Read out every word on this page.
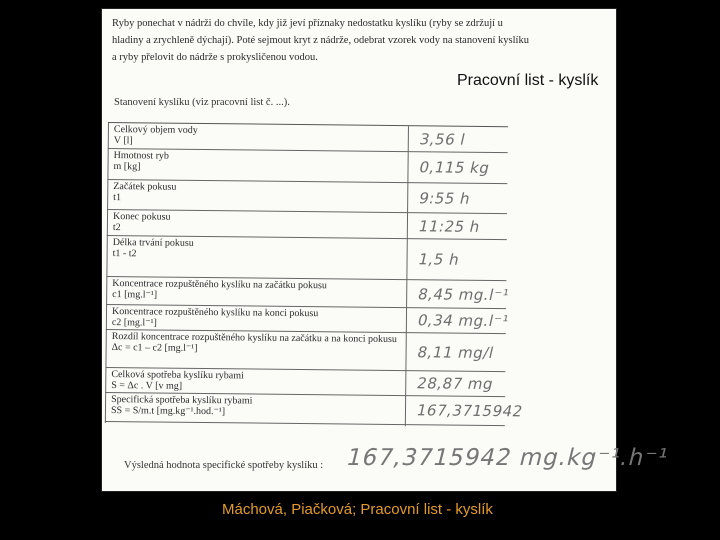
Ryby ponechat v nádrži do chvíle, kdy již jeví příznaky nedostatku kyslíku (ryby se zdržují u hladiny a zrychleně dýchají). Poté sejmout kryt z nádrže, odebrat vzorek vody na stanovení kyslíku a ryby přelovit do nádrže s prokysličenou vodou.

Pracovní list - kyslík

Stanovení kyslíku (viz pracovní list č. ...).
Celkový objem vody
V [l]	3,56 l
Hmotnost ryb
m [kg]	0,115 kg
Začátek pokusu
t1	9:55 h
Konec pokusu
t2	11:25 h
Délka trvání pokusu
t1 - t2	1,5 h
Koncentrace rozpuštěného kyslíku na začátku pokusu
c1 [mg.l⁻¹]	8,45 mg.l⁻¹
Koncentrace rozpuštěného kyslíku na konci pokusu
c2 [mg.l⁻¹]	0,34 mg.l⁻¹
Rozdíl koncentrace rozpuštěného kyslíku na začátku a na konci pokusu
Δc = c1 – c2 [mg.l⁻¹]	8,11 mg/l
Celková spotřeba kyslíku rybami
S = Δc . V [v mg]	28,87 mg
Specifická spotřeba kyslíku rybami
SS = S/m.t [mg.kg⁻¹.hod.⁻¹]	167,3715942
Výsledná hodnota specifické spotřeby kyslíku : 167,3715942 mg.kg⁻¹.h⁻¹

Máchová, Piačková; Pracovní list - kyslík
